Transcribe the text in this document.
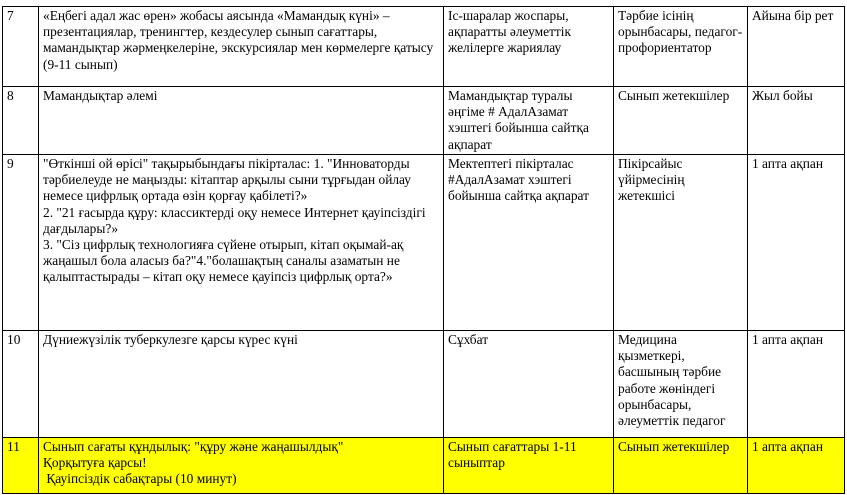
7	«Еңбегі адал жас өрен» жобасы аясында «Мамандық күні» – презентациялар, тренингтер, кездесулер сынып сағаттары, мамандықтар жәрмеңкелеріне, экскурсиялар мен көрмелерге қатысу (9-11 сынып)	Іс-шаралар жоспары, ақпаратты әлеуметтік желілерге жариялау	Тәрбие ісінің орынбасары, педагог-профориентатор	Айына бір рет
8	Мамандықтар әлемі	Мамандықтар туралы әңгіме # АдалАзамат хэштегі бойынша сайтқа ақпарат	Сынып жетекшілер	Жыл бойы
9	"Өткінші ой өрісі" тақырыбындағы пікірталас: 1. "Инноваторды тәрбиелеуде не маңызды: кітаптар арқылы сыни тұрғыдан ойлау немесе цифрлық ортада өзін қорғау қабілеті?»
2. "21 ғасырда құру: классиктерді оқу немесе Интернет қауіпсіздігі дағдылары?»
3. "Сіз цифрлық технологияға сүйене отырып, кітап оқымай-ақ жаңашыл бола аласыз ба?"4."болашақтың саналы азаматын не қалыптастырады – кітап оқу немесе қауіпсіз цифрлық орта?»	Мектептегі пікірталас #АдалАзамат хэштегі бойынша сайтқа ақпарат	Пікірсайыс үйірмесінің жетекшісі	1 апта ақпан
10	Дүниежүзілік туберкулезге қарсы күрес күні	Сұхбат	Медицина қызметкері, басшының тәрбие работе жөніндегі орынбасары, әлеуметтік педагог	1 апта ақпан
11	Сынып сағаты құндылық: "құру және жаңашылдық"
Қорқытуға қарсы!
Қауіпсіздік сабақтары (10 минут)	Сынып сағаттары 1-11 сыныптар	Сынып жетекшілер	1 апта ақпан
